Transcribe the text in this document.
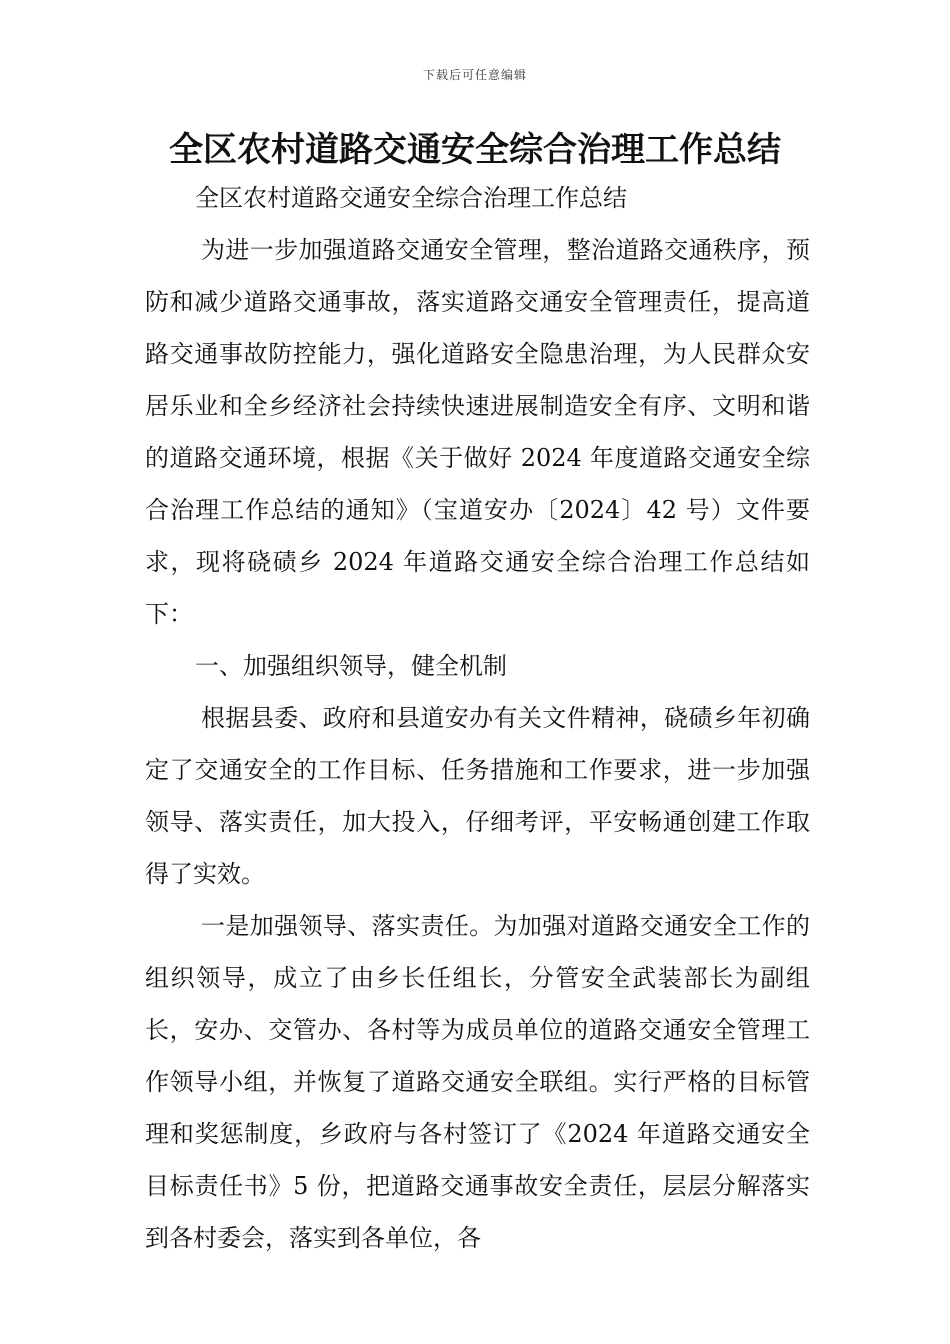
下载后可任意编辑
全区农村道路交通安全综合治理工作总结

全区农村道路交通安全综合治理工作总结

为进一步加强道路交通安全管理，整治道路交通秩序，预防和减少道路交通事故，落实道路交通安全管理责任，提高道路交通事故防控能力，强化道路安全隐患治理，为人民群众安居乐业和全乡经济社会持续快速进展制造安全有序、文明和谐的道路交通环境，根据《关于做好 2024 年度道路交通安全综合治理工作总结的通知》（宝道安办〔2024〕42 号）文件要求，现将硗碛乡 2024 年道路交通安全综合治理工作总结如下：

一、加强组织领导，健全机制

根据县委、政府和县道安办有关文件精神，硗碛乡年初确定了交通安全的工作目标、任务措施和工作要求，进一步加强领导、落实责任，加大投入，仔细考评，平安畅通创建工作取得了实效。

一是加强领导、落实责任。为加强对道路交通安全工作的组织领导，成立了由乡长任组长，分管安全武装部长为副组长，安办、交管办、各村等为成员单位的道路交通安全管理工作领导小组，并恢复了道路交通安全联组。实行严格的目标管理和奖惩制度，乡政府与各村签订了《2024 年道路交通安全目标责任书》5 份，把道路交通事故安全责任，层层分解落实到各村委会，落实到各单位，各
